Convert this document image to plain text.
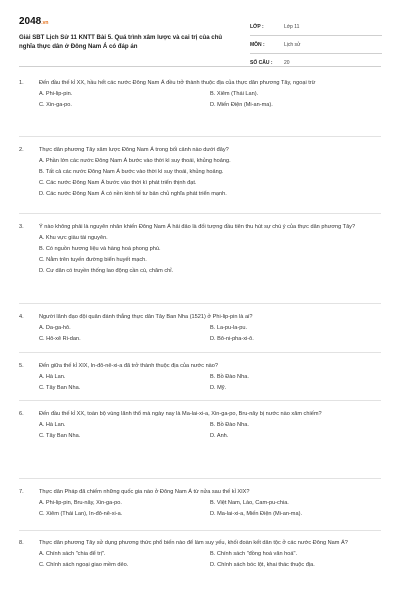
2048.vn
Giải SBT Lịch Sử 11 KNTT Bài 5. Quá trình xâm lược và cai trị của chủ nghĩa thực dân ở Đông Nam Á có đáp án
LỚP :	Lớp 11
MÔN :	Lịch sử
SỐ CÂU :	20
1.	Đến đầu thế kỉ XX, hầu hết các nước Đông Nam Á đều trở thành thuộc địa của thực dân phương Tây, ngoại trừ
A. Phi-lip-pin.	B. Xiêm (Thái Lan).
C. Xin-ga-po.	D. Miến Điện (Mi-an-ma).
2.	Thực dân phương Tây xâm lược Đông Nam Á trong bối cảnh nào dưới đây?
A. Phần lớn các nước Đông Nam Á bước vào thời kì suy thoái, khủng hoảng.
B. Tất cả các nước Đông Nam Á bước vào thời kì suy thoái, khủng hoảng.
C. Các nước Đông Nam Á bước vào thời kì phát triển thịnh đạt.
D. Các nước Đông Nam Á có nền kinh tế tư bản chủ nghĩa phát triển mạnh.
3.	Ý nào không phải là nguyên nhân khiến Đông Nam Á hải đảo là đối tượng đầu tiên thu hút sự chú ý của thực dân phương Tây?
A. Khu vực giàu tài nguyên.
B. Có nguồn hương liệu và hàng hoá phong phú.
C. Nằm trên tuyến đường biển huyết mạch.
D. Cư dân có truyền thống lao động cần cù, chăm chỉ.
4.	Người lãnh đạo đội quân đánh thắng thực dân Tây Ban Nha (1521) ở Phi-lip-pin là ai?
A. Da-ga-hô.	B. La-pu-la-pu.
C. Hô-xê Ri-dan.	D. Bô-ni-pha-xi-ô.
5.	Đến giữa thế kỉ XIX, In-đô-nê-xi-a đã trở thành thuộc địa của nước nào?
A. Hà Lan.	B. Bồ Đào Nha.
C. Tây Ban Nha.	D. Mỹ.
6.	Đến đầu thế kỉ XX, toàn bộ vùng lãnh thổ mà ngày nay là Ma-lai-xi-a, Xin-ga-po, Bru-nây bị nước nào xâm chiếm?
A. Hà Lan.	B. Bồ Đào Nha.
C. Tây Ban Nha.	D. Anh.
7.	Thực dân Pháp đã chiếm những quốc gia nào ở Đông Nam Á từ nửa sau thế kỉ XIX?
A. Phi-lip-pin, Bru-nây, Xin-ga-po.	B. Việt Nam, Lào, Cam-pu-chia.
C. Xiêm (Thái Lan), In-đô-nê-xi-a.	D. Ma-lai-xi-a, Miến Điện (Mi-an-ma).
8.	Thực dân phương Tây sử dụng phương thức phổ biến nào để làm suy yếu, khối đoàn kết dân tộc ở các nước Đông Nam Á?
A. Chính sách "chia để trị".	B. Chính sách "đồng hoá văn hoá".
C. Chính sách ngoại giao mềm dẻo.	D. Chính sách bóc lột, khai thác thuộc địa.
